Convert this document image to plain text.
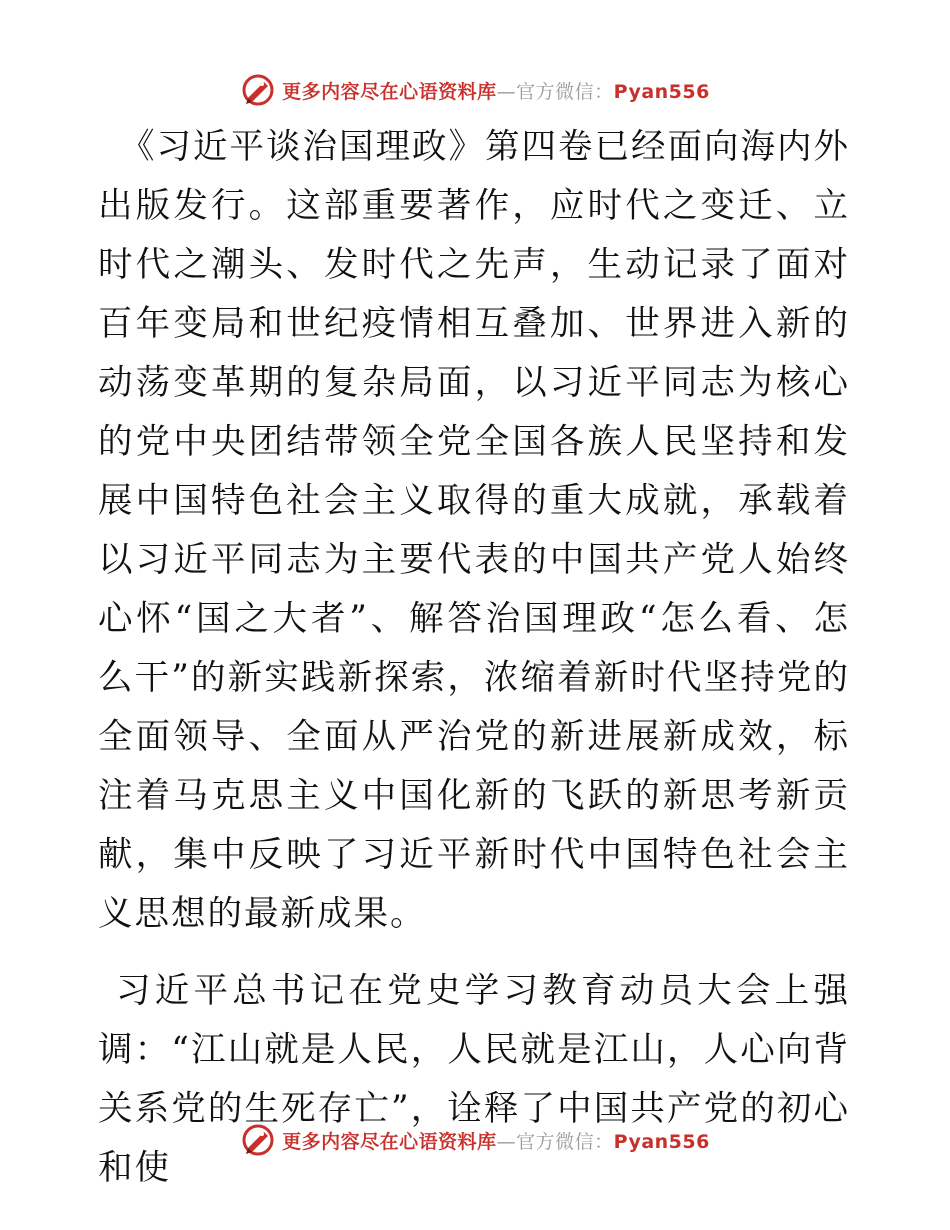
更多内容尽在心语资料库—官方微信：Pyan556

《习近平谈治国理政》第四卷已经面向海内外出版发行。这部重要著作，应时代之变迁、立时代之潮头、发时代之先声，生动记录了面对百年变局和世纪疫情相互叠加、世界进入新的动荡变革期的复杂局面，以习近平同志为核心的党中央团结带领全党全国各族人民坚持和发展中国特色社会主义取得的重大成就，承载着以习近平同志为主要代表的中国共产党人始终心怀“国之大者”、解答治国理政“怎么看、怎么干”的新实践新探索，浓缩着新时代坚持党的全面领导、全面从严治党的新进展新成效，标注着马克思主义中国化新的飞跃的新思考新贡献，集中反映了习近平新时代中国特色社会主义思想的最新成果。

习近平总书记在党史学习教育动员大会上强调：“江山就是人民，人民就是江山，人心向背关系党的生死存亡”，诠释了中国共产党的初心和使

更多内容尽在心语资料库—官方微信：Pyan556
